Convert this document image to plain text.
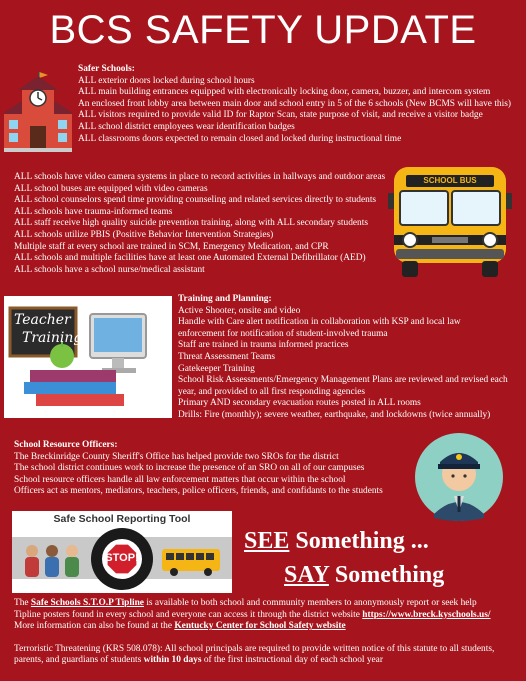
BCS SAFETY UPDATE
Safer Schools:
ALL exterior doors locked during school hours
ALL main building entrances equipped with electronically locking door, camera, buzzer, and intercom system
An enclosed front lobby area between main door and school entry in 5 of the 6 schools (New BCMS will have this)
ALL visitors required to provide valid ID for Raptor Scan, state purpose of visit, and receive a visitor badge
ALL school district employees wear identification badges
ALL classrooms doors expected to remain closed and locked during instructional time
ALL schools have video camera systems in place to record activities in hallways and outdoor areas
ALL school buses are equipped with video cameras
ALL school counselors spend time providing counseling and related services directly to students
ALL schools have trauma-informed teams
ALL staff receive high quality suicide prevention training, along with ALL secondary students
ALL schools utilize PBIS (Positive Behavior Intervention Strategies)
Multiple staff at every school are trained in SCM, Emergency Medication, and CPR
ALL schools and multiple facilities have at least one Automated External Defibrillator (AED)
ALL schools have a school nurse/medical assistant
SCHOOL BUS
Teacher
Training
Training and Planning:
Active Shooter, onsite and video
Handle with Care alert notification in collaboration with KSP and local law
enforcement for notification of student-involved trauma
Staff are trained in trauma informed practices
Threat Assessment Teams
Gatekeeper Training
School Risk Assessments/Emergency Management Plans are reviewed and revised each
year, and provided to all first responding agencies
Primary AND secondary evacuation routes posted in ALL rooms
Drills: Fire (monthly); severe weather, earthquake, and lockdowns (twice annually)
School Resource Officers:
The Breckinridge County Sheriff's Office has helped provide two SROs for the district
The school district continues work to increase the presence of an SRO on all of our campuses
School resource officers handle all law enforcement matters that occur within the school
Officers act as mentors, mediators, teachers, police officers, friends, and confidants to the students
Safe School Reporting Tool
STOP!
SEE Something ...
SAY Something
The Safe Schools S.T.O.P Tipline is available to both school and community members to anonymously report or seek help
Tipline posters found in every school and everyone can access it through the district website https://www.breck.kyschools.us/
More information can also be found at the Kentucky Center for School Safety website
Terroristic Threatening (KRS 508.078): All school principals are required to provide written notice of this statute to all students,
parents, and guardians of students within 10 days of the first instructional day of each school year
